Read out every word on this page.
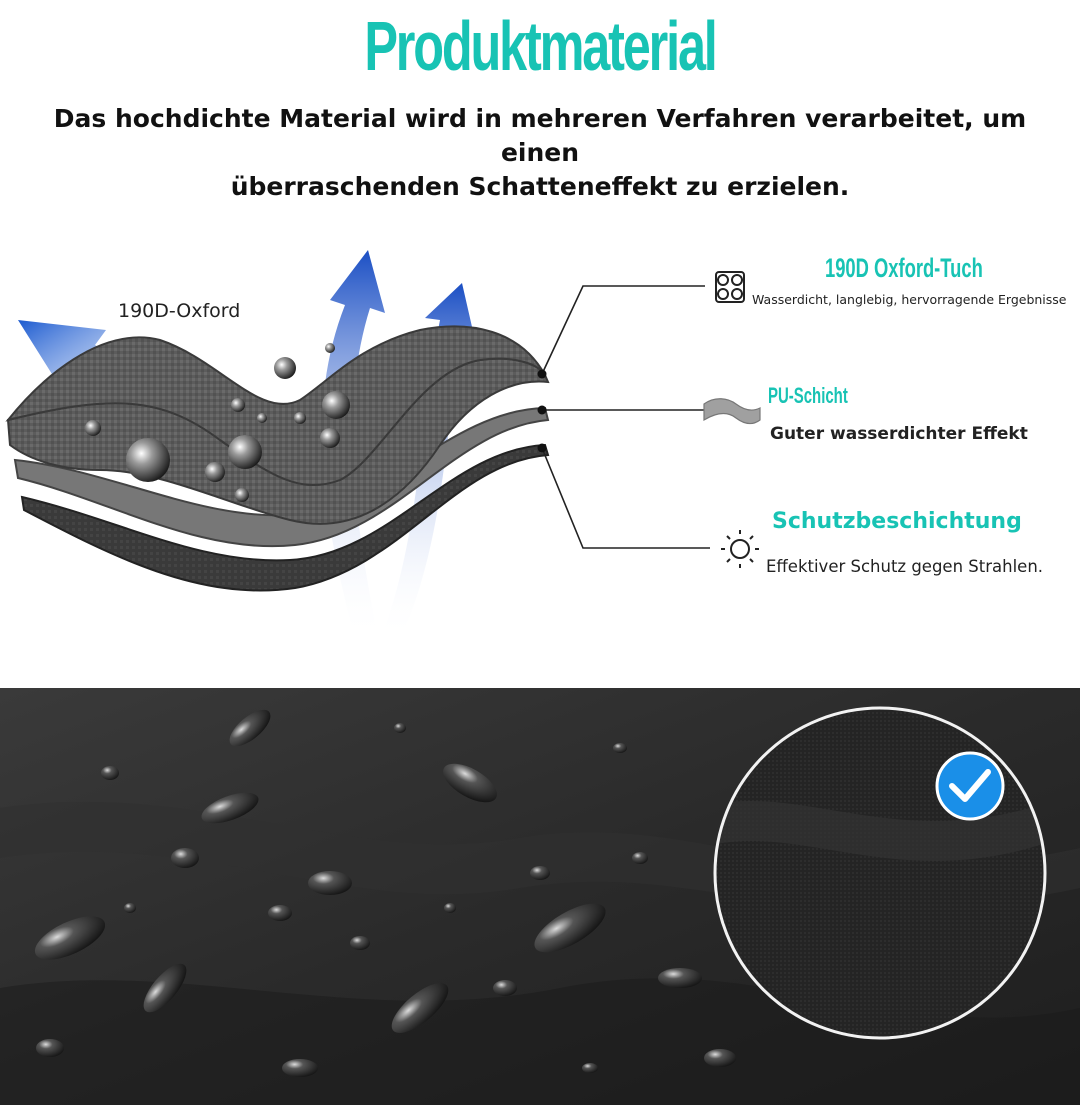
Produktmaterial
Das hochdichte Material wird in mehreren Verfahren verarbeitet, um einen
überraschenden Schatteneffekt zu erzielen.
190D-Oxford
190D Oxford-Tuch
Wasserdicht, langlebig, hervorragende Ergebnisse
PU-Schicht
Guter wasserdichter Effekt
Schutzbeschichtung
Effektiver Schutz gegen Strahlen.
